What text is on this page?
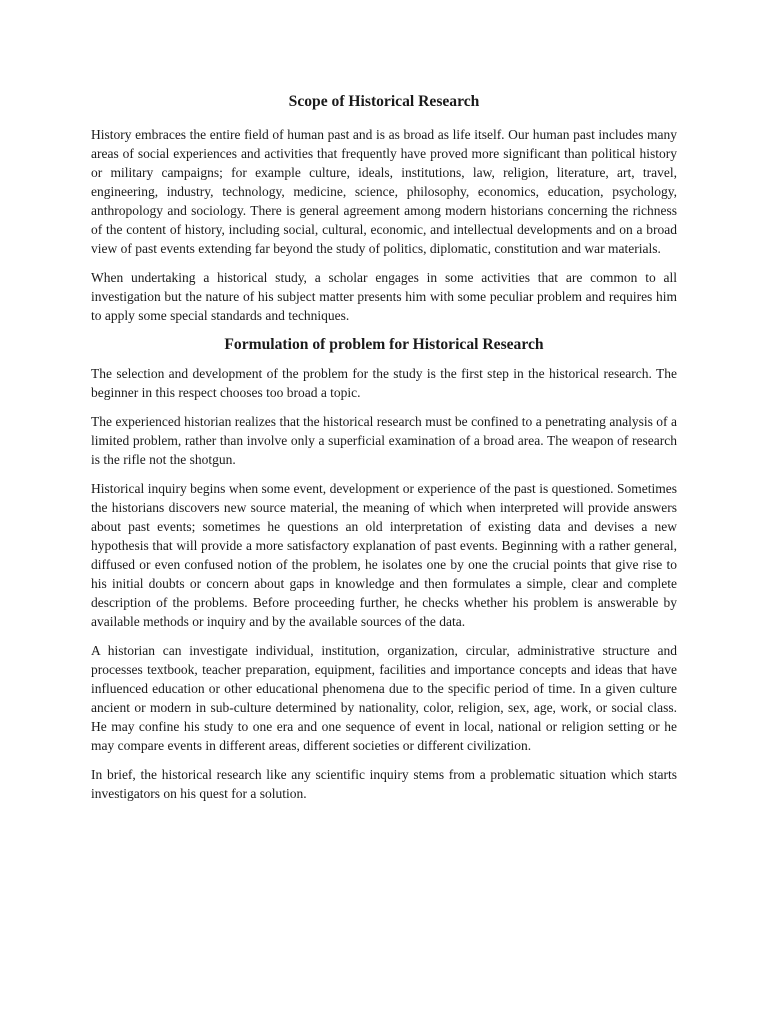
Scope of Historical Research

History embraces the entire field of human past and is as broad as life itself. Our human past includes many areas of social experiences and activities that frequently have proved more significant than political history or military campaigns; for example culture, ideals, institutions, law, religion, literature, art, travel, engineering, industry, technology, medicine, science, philosophy, economics, education, psychology, anthropology and sociology. There is general agreement among modern historians concerning the richness of the content of history, including social, cultural, economic, and intellectual developments and on a broad view of past events extending far beyond the study of politics, diplomatic, constitution and war materials.

When undertaking a historical study, a scholar engages in some activities that are common to all investigation but the nature of his subject matter presents him with some peculiar problem and requires him to apply some special standards and techniques.

Formulation of problem for Historical Research

The selection and development of the problem for the study is the first step in the historical research. The beginner in this respect chooses too broad a topic.

The experienced historian realizes that the historical research must be confined to a penetrating analysis of a limited problem, rather than involve only a superficial examination of a broad area. The weapon of research is the rifle not the shotgun.

Historical inquiry begins when some event, development or experience of the past is questioned. Sometimes the historians discovers new source material, the meaning of which when interpreted will provide answers about past events; sometimes he questions an old interpretation of existing data and devises a new hypothesis that will provide a more satisfactory explanation of past events. Beginning with a rather general, diffused or even confused notion of the problem, he isolates one by one the crucial points that give rise to his initial doubts or concern about gaps in knowledge and then formulates a simple, clear and complete description of the problems. Before proceeding further, he checks whether his problem is answerable by available methods or inquiry and by the available sources of the data.

A historian can investigate individual, institution, organization, circular, administrative structure and processes textbook, teacher preparation, equipment, facilities and importance concepts and ideas that have influenced education or other educational phenomena due to the specific period of time. In a given culture ancient or modern in sub-culture determined by nationality, color, religion, sex, age, work, or social class. He may confine his study to one era and one sequence of event in local, national or religion setting or he may compare events in different areas, different societies or different civilization.

In brief, the historical research like any scientific inquiry stems from a problematic situation which starts investigators on his quest for a solution.
